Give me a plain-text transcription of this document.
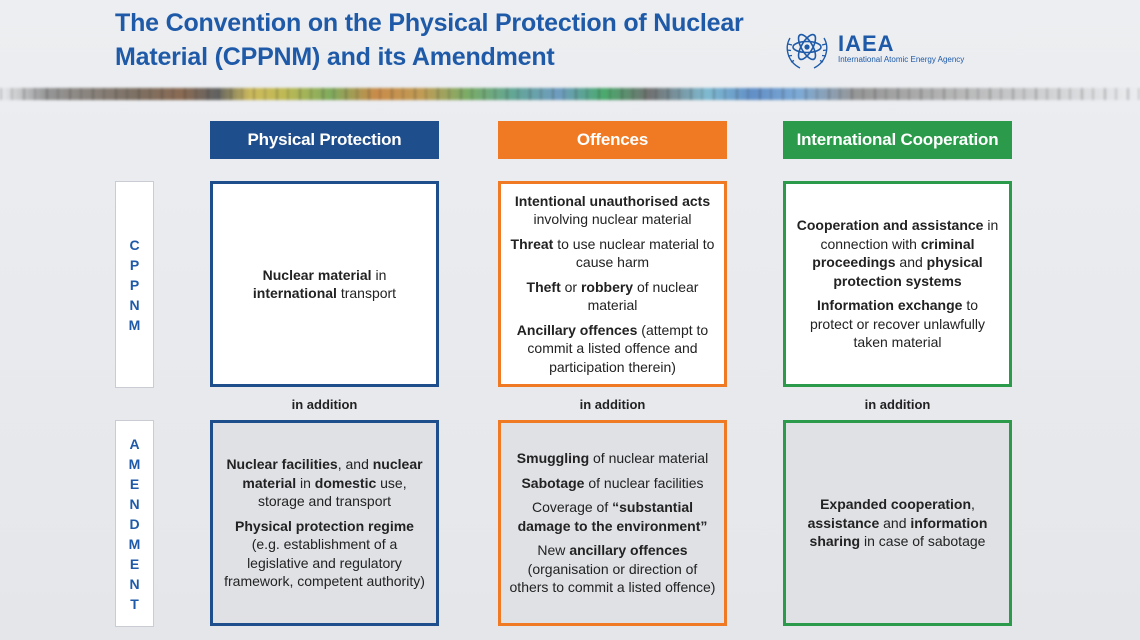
The Convention on the Physical Protection of Nuclear Material (CPPNM) and its Amendment	IAEA
International Atomic Energy Agency
Physical Protection	Offences	International Cooperation
C
P
P
N
M
A
M
E
N
D
M
E
N
T

Nuclear material in international transport

Intentional unauthorised acts involving nuclear material

Threat to use nuclear material to cause harm

Theft or robbery of nuclear material

Ancillary offences (attempt to commit a listed offence and participation therein)

Cooperation and assistance in connection with criminal proceedings and physical protection systems

Information exchange to protect or recover unlawfully taken material

in addition	in addition	in addition

Nuclear facilities, and nuclear material in domestic use, storage and transport

Physical protection regime (e.g. establishment of a legislative and regulatory framework, competent authority)

Smuggling of nuclear material

Sabotage of nuclear facilities

Coverage of “substantial damage to the environment”

New ancillary offences (organisation or direction of others to commit a listed offence)

Expanded cooperation, assistance and information sharing in case of sabotage
